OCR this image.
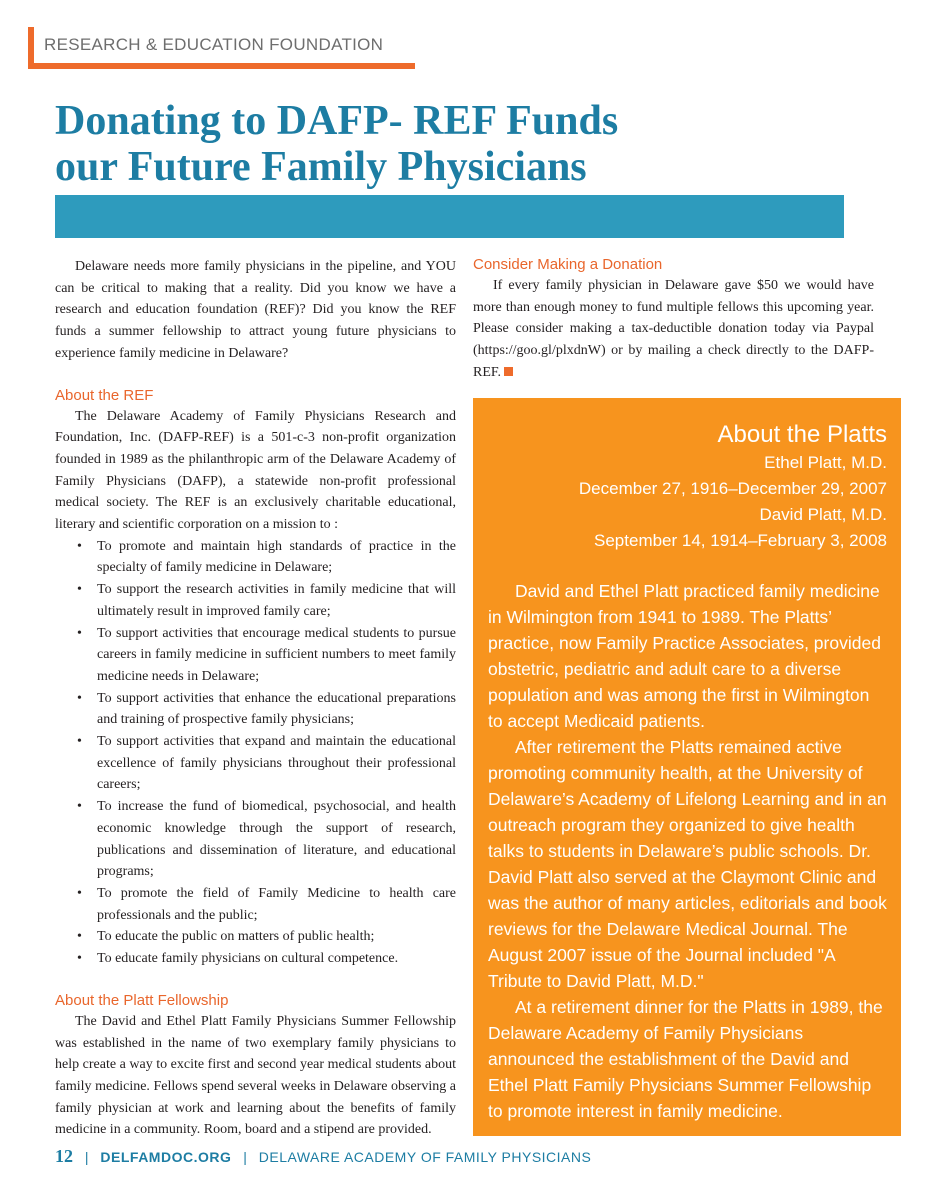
RESEARCH & EDUCATION FOUNDATION
Donating to DAFP- REF Funds
our Future Family Physicians

Delaware needs more family physicians in the pipeline, and YOU can be critical to making that a reality. Did you know we have a research and education foundation (REF)? Did you know the REF funds a summer fellowship to attract young future physicians to experience family medicine in Delaware?

About the REF

The Delaware Academy of Family Physicians Research and Foundation, Inc. (DAFP-REF) is a 501-c-3 non-profit organization founded in 1989 as the philanthropic arm of the Delaware Academy of Family Physicians (DAFP), a statewide non-profit professional medical society. The REF is an exclusively charitable educational, literary and scientific corporation on a mission to :

• To promote and maintain high standards of practice in the specialty of family medicine in Delaware;
• To support the research activities in family medicine that will ultimately result in improved family care;
• To support activities that encourage medical students to pursue careers in family medicine in sufficient numbers to meet family medicine needs in Delaware;
• To support activities that enhance the educational preparations and training of prospective family physicians;
• To support activities that expand and maintain the educational excellence of family physicians throughout their professional careers;
• To increase the fund of biomedical, psychosocial, and health economic knowledge through the support of research, publications and dissemination of literature, and educational programs;
• To promote the field of Family Medicine to health care professionals and the public;
• To educate the public on matters of public health;
• To educate family physicians on cultural competence.
About the Platt Fellowship

The David and Ethel Platt Family Physicians Summer Fellowship was established in the name of two exemplary family physicians to help create a way to excite first and second year medical students about family medicine. Fellows spend several weeks in Delaware observing a family physician at work and learning about the benefits of family medicine in a community. Room, board and a stipend are provided.

Consider Making a Donation

If every family physician in Delaware gave $50 we would have more than enough money to fund multiple fellows this upcoming year. Please consider making a tax-deductible donation today via Paypal (https://goo.gl/plxdnW) or by mailing a check directly to the DAFP-REF.

About the Platts
Ethel Platt, M.D.
December 27, 1916–December 29, 2007
David Platt, M.D.
September 14, 1914–February 3, 2008

David and Ethel Platt practiced family medicine in Wilmington from 1941 to 1989. The Platts’ practice, now Family Practice Associates, provided obstetric, pediatric and adult care to a diverse population and was among the first in Wilmington to accept Medicaid patients.

After retirement the Platts remained active promoting community health, at the University of Delaware’s Academy of Lifelong Learning and in an outreach program they organized to give health talks to students in Delaware’s public schools. Dr. David Platt also served at the Claymont Clinic and was the author of many articles, editorials and book reviews for the Delaware Medical Journal. The August 2007 issue of the Journal included "A Tribute to David Platt, M.D."

At a retirement dinner for the Platts in 1989, the Delaware Academy of Family Physicians announced the establishment of the David and Ethel Platt Family Physicians Summer Fellowship to promote interest in family medicine.

12 | DELFAMDOC.ORG | DELAWARE ACADEMY OF FAMILY PHYSICIANS
